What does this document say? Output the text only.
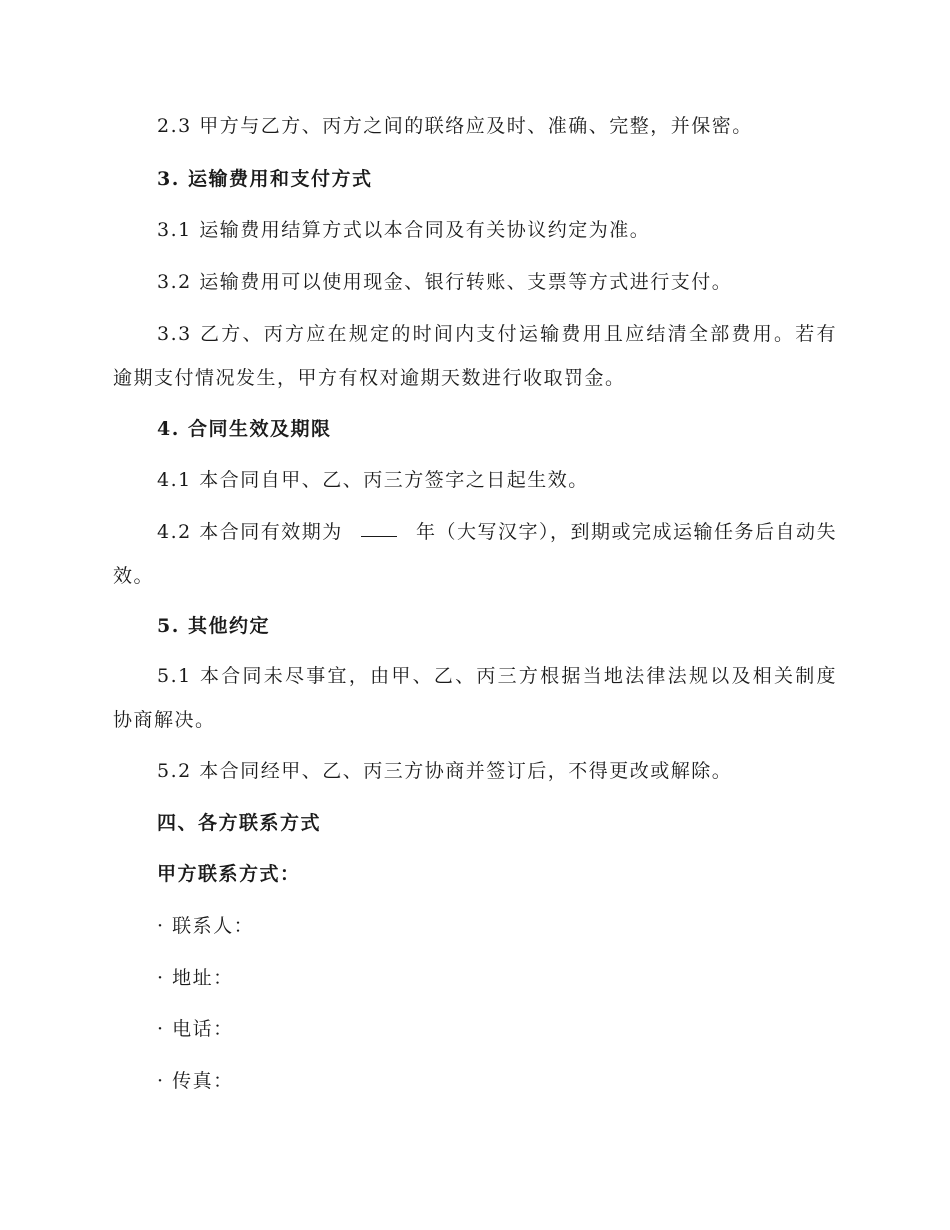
2.3 甲方与乙方、丙方之间的联络应及时、准确、完整，并保密。
3. 运输费用和支付方式
3.1 运输费用结算方式以本合同及有关协议约定为准。
3.2 运输费用可以使用现金、银行转账、支票等方式进行支付。
3.3 乙方、丙方应在规定的时间内支付运输费用且应结清全部费用。若有
逾期支付情况发生，甲方有权对逾期天数进行收取罚金。
4. 合同生效及期限
4.1 本合同自甲、乙、丙三方签字之日起生效。
4.2 本合同有效期为	年（大写汉字），到期或完成运输任务后自动失
效。
5. 其他约定
5.1 本合同未尽事宜，由甲、乙、丙三方根据当地法律法规以及相关制度
协商解决。
5.2 本合同经甲、乙、丙三方协商并签订后，不得更改或解除。
四、各方联系方式
甲方联系方式：
· 联系人：
· 地址：
· 电话：
· 传真：
